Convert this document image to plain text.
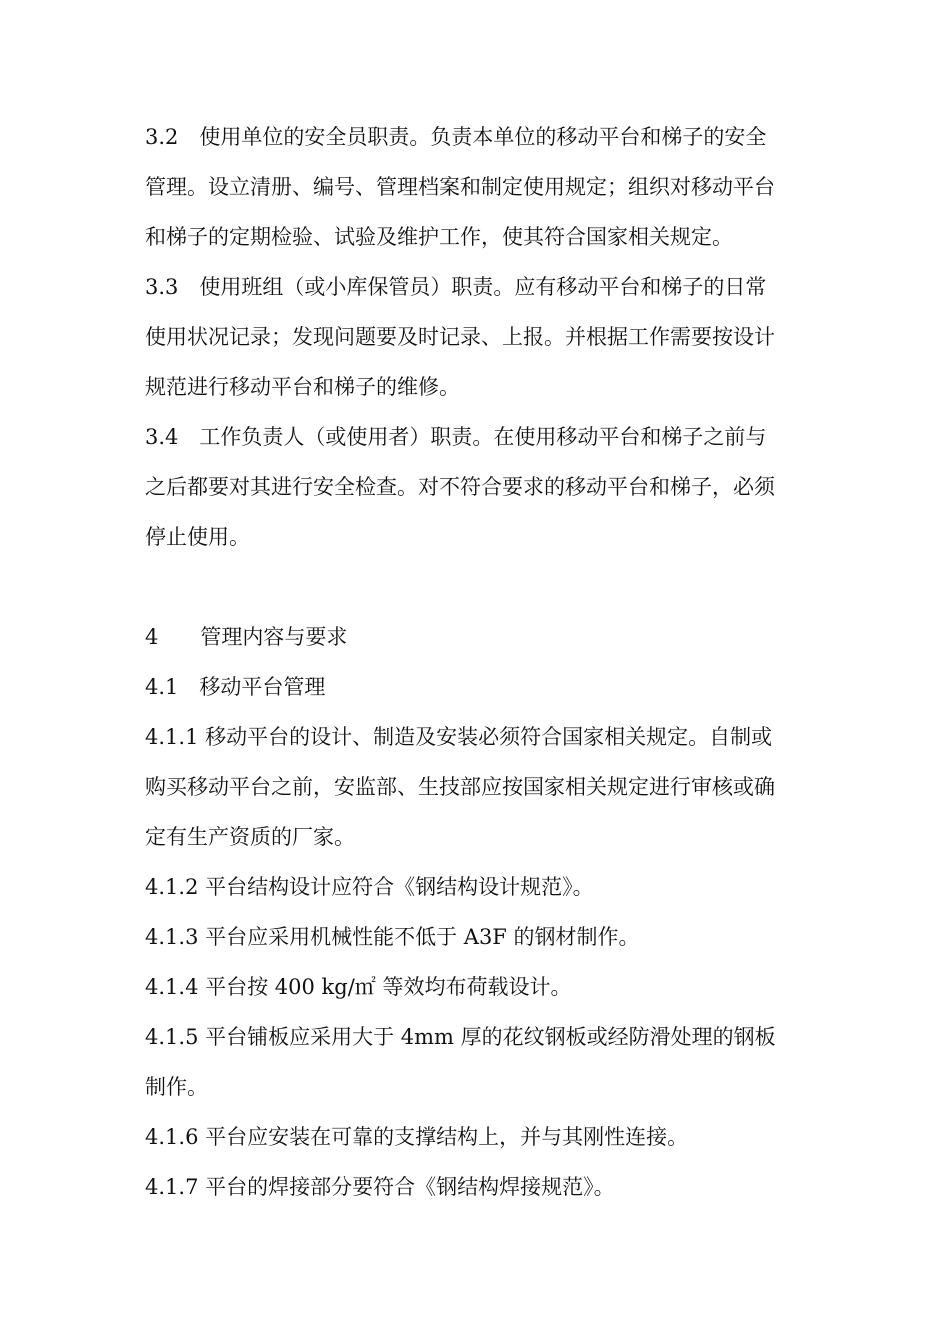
3.2　使用单位的安全员职责。负责本单位的移动平台和梯子的安全
管理。设立清册、编号、管理档案和制定使用规定；组织对移动平台
和梯子的定期检验、试验及维护工作，使其符合国家相关规定。
3.3　使用班组（或小库保管员）职责。应有移动平台和梯子的日常
使用状况记录；发现问题要及时记录、上报。并根据工作需要按设计
规范进行移动平台和梯子的维修。
3.4　工作负责人（或使用者）职责。在使用移动平台和梯子之前与
之后都要对其进行安全检查。对不符合要求的移动平台和梯子，必须
停止使用。
4　　管理内容与要求
4.1　移动平台管理
4.1.1 移动平台的设计、制造及安装必须符合国家相关规定。自制或
购买移动平台之前，安监部、生技部应按国家相关规定进行审核或确
定有生产资质的厂家。
4.1.2 平台结构设计应符合《钢结构设计规范》。
4.1.3 平台应采用机械性能不低于 A3F 的钢材制作。
4.1.4 平台按 400 kg/㎡ 等效均布荷载设计。
4.1.5 平台铺板应采用大于 4mm 厚的花纹钢板或经防滑处理的钢板
制作。
4.1.6 平台应安装在可靠的支撑结构上，并与其刚性连接。
4.1.7 平台的焊接部分要符合《钢结构焊接规范》。
